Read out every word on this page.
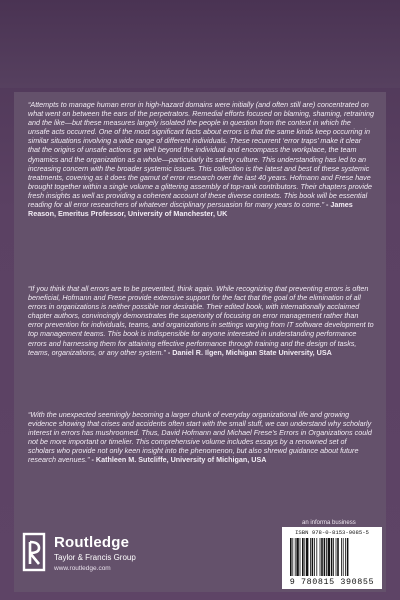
“Attempts to manage human error in high-hazard domains were initially (and often still are) concentrated on what went on between the ears of the perpetrators. Remedial efforts focused on blaming, shaming, retraining and the like—but these measures largely isolated the people in question from the context in which the unsafe acts occurred. One of the most significant facts about errors is that the same kinds keep occurring in similar situations involving a wide range of different individuals. These recurrent ‘error traps’ make it clear that the origins of unsafe actions go well beyond the individual and encompass the workplace, the team dynamics and the organization as a whole—particularly its safety culture. This understanding has led to an increasing concern with the broader systemic issues. This collection is the latest and best of these systemic treatments, covering as it does the gamut of error research over the last 40 years. Hofmann and Frese have brought together within a single volume a glittering assembly of top-rank contributors. Their chapters provide fresh insights as well as providing a coherent account of these diverse contexts. This book will be essential reading for all error researchers of whatever disciplinary persuasion for many years to come.” - James Reason, Emeritus Professor, University of Manchester, UK

“If you think that all errors are to be prevented, think again. While recognizing that preventing errors is often beneficial, Hofmann and Frese provide extensive support for the fact that the goal of the elimination of all errors in organizations is neither possible nor desirable. Their edited book, with internationally acclaimed chapter authors, convincingly demonstrates the superiority of focusing on error management rather than error prevention for individuals, teams, and organizations in settings varying from IT software development to top management teams. This book is indispensible for anyone interested in understanding performance errors and harnessing them for attaining effective performance through training and the design of tasks, teams, organizations, or any other system.” - Daniel R. Ilgen, Michigan State University, USA

“With the unexpected seemingly becoming a larger chunk of everyday organizational life and growing evidence showing that crises and accidents often start with the small stuff, we can understand why scholarly interest in errors has mushroomed. Thus, David Hofmann and Michael Frese’s Errors in Organizations could not be more important or timelier. This comprehensive volume includes essays by a renowned set of scholars who provide not only keen insight into the phenomenon, but also shrewd guidance about future research avenues.” - Kathleen M. Sutcliffe, University of Michigan, USA

Routledge
Taylor & Francis Group
www.routledge.com
an informa business
ISBN 978-0-8153-9085-5
9 780815 390855
